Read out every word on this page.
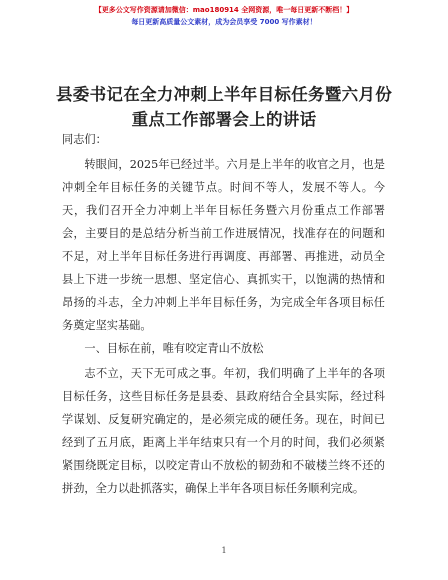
【更多公文写作资源请加微信：mao180914 全网资源，唯一每日更新不断档！】
每日更新高质量公文素材，成为会员享受 7000 写作素材！
县委书记在全力冲刺上半年目标任务暨六月份
重点工作部署会上的讲话

同志们：

转眼间，2025年已经过半。六月是上半年的收官之月，也是冲刺全年目标任务的关键节点。时间不等人，发展不等人。今天，我们召开全力冲刺上半年目标任务暨六月份重点工作部署会，主要目的是总结分析当前工作进展情况，找准存在的问题和不足，对上半年目标任务进行再调度、再部署、再推进，动员全县上下进一步统一思想、坚定信心、真抓实干，以饱满的热情和昂扬的斗志，全力冲刺上半年目标任务，为完成全年各项目标任务奠定坚实基础。

一、目标在前，唯有咬定青山不放松

志不立，天下无可成之事。年初，我们明确了上半年的各项目标任务，这些目标任务是县委、县政府结合全县实际，经过科学谋划、反复研究确定的，是必须完成的硬任务。现在，时间已经到了五月底，距离上半年结束只有一个月的时间，我们必须紧紧围绕既定目标，以咬定青山不放松的韧劲和不破楼兰终不还的拼劲，全力以赴抓落实，确保上半年各项目标任务顺利完成。

1
